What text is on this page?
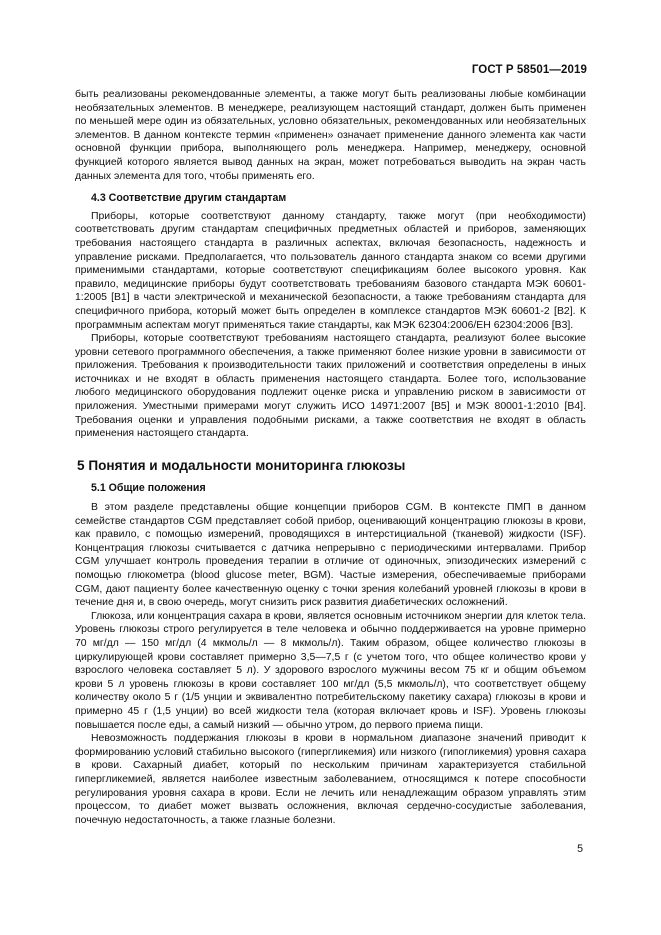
ГОСТ Р 58501—2019

быть реализованы рекомендованные элементы, а также могут быть реализованы любые комбинации необязательных элементов. В менеджере, реализующем настоящий стандарт, должен быть применен по меньшей мере один из обязательных, условно обязательных, рекомендованных или необязательных элементов. В данном контексте термин «применен» означает применение данного элемента как части основной функции прибора, выполняющего роль менеджера. Например, менеджеру, основной функцией которого является вывод данных на экран, может потребоваться выводить на экран часть данных элемента для того, чтобы применять его.

4.3 Соответствие другим стандартам

Приборы, которые соответствуют данному стандарту, также могут (при необходимости) соответствовать другим стандартам специфичных предметных областей и приборов, заменяющих требования настоящего стандарта в различных аспектах, включая безопасность, надежность и управление рисками. Предполагается, что пользователь данного стандарта знаком со всеми другими применимыми стандартами, которые соответствуют спецификациям более высокого уровня. Как правило, медицинские приборы будут соответствовать требованиям базового стандарта МЭК 60601-1:2005 [В1] в части электрической и механической безопасности, а также требованиям стандарта для специфичного прибора, который может быть определен в комплексе стандартов МЭК 60601-2 [В2]. К программным аспектам могут применяться такие стандарты, как МЭК 62304:2006/ЕН 62304:2006 [В3].

Приборы, которые соответствуют требованиям настоящего стандарта, реализуют более высокие уровни сетевого программного обеспечения, а также применяют более низкие уровни в зависимости от приложения. Требования к производительности таких приложений и соответствия определены в иных источниках и не входят в область применения настоящего стандарта. Более того, использование любого медицинского оборудования подлежит оценке риска и управлению риском в зависимости от приложения. Уместными примерами могут служить ИСО 14971:2007 [В5] и МЭК 80001-1:2010 [В4]. Требования оценки и управления подобными рисками, а также соответствия не входят в область применения настоящего стандарта.

5 Понятия и модальности мониторинга глюкозы
5.1 Общие положения

В этом разделе представлены общие концепции приборов CGM. В контексте ПМП в данном семействе стандартов CGM представляет собой прибор, оценивающий концентрацию глюкозы в крови, как правило, с помощью измерений, проводящихся в интерстициальной (тканевой) жидкости (ISF). Концентрация глюкозы считывается с датчика непрерывно с периодическими интервалами. Прибор CGM улучшает контроль проведения терапии в отличие от одиночных, эпизодических измерений с помощью глюкометра (blood glucose meter, BGM). Частые измерения, обеспечиваемые приборами CGM, дают пациенту более качественную оценку с точки зрения колебаний уровней глюкозы в крови в течение дня и, в свою очередь, могут снизить риск развития диабетических осложнений.

Глюкоза, или концентрация сахара в крови, является основным источником энергии для клеток тела. Уровень глюкозы строго регулируется в теле человека и обычно поддерживается на уровне примерно 70 мг/дл — 150 мг/дл (4 мкмоль/л — 8 мкмоль/л). Таким образом, общее количество глюкозы в циркулирующей крови составляет примерно 3,5—7,5 г (с учетом того, что общее количество крови у взрослого человека составляет 5 л). У здорового взрослого мужчины весом 75 кг и общим объемом крови 5 л уровень глюкозы в крови составляет 100 мг/дл (5,5 мкмоль/л), что соответствует общему количеству около 5 г (1/5 унции и эквивалентно потребительскому пакетику сахара) глюкозы в крови и примерно 45 г (1,5 унции) во всей жидкости тела (которая включает кровь и ISF). Уровень глюкозы повышается после еды, а самый низкий — обычно утром, до первого приема пищи.

Невозможность поддержания глюкозы в крови в нормальном диапазоне значений приводит к формированию условий стабильно высокого (гипергликемия) или низкого (гипогликемия) уровня сахара в крови. Сахарный диабет, который по нескольким причинам характеризуется стабильной гипергликемией, является наиболее известным заболеванием, относящимся к потере способности регулирования уровня сахара в крови. Если не лечить или ненадлежащим образом управлять этим процессом, то диабет может вызвать осложнения, включая сердечно-сосудистые заболевания, почечную недостаточность, а также глазные болезни.

5
